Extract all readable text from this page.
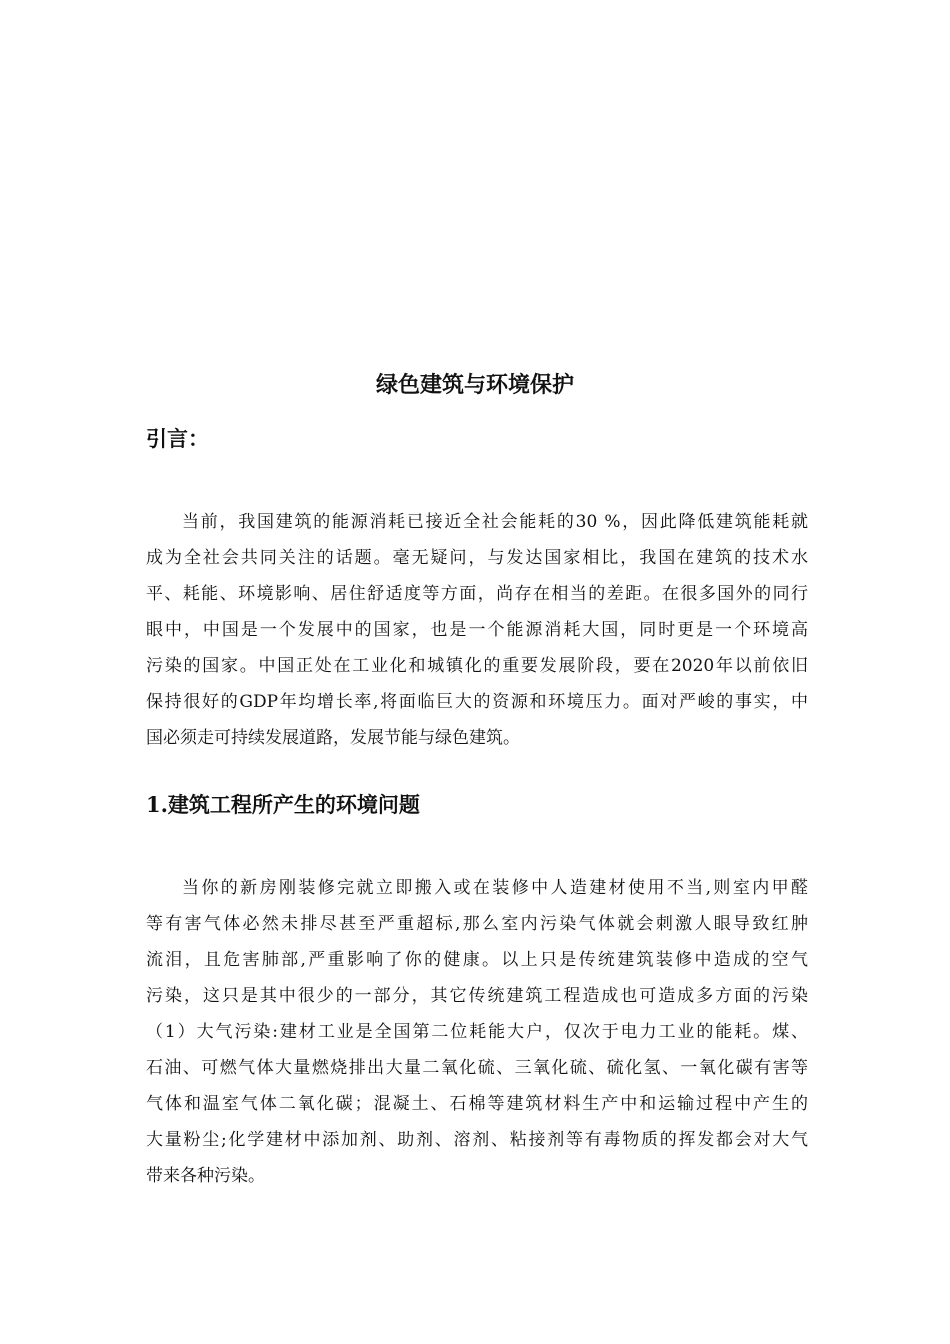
绿色建筑与环境保护
引言：
当前，我国建筑的能源消耗已接近全社会能耗的30 %，因此降低建筑能耗就
成为全社会共同关注的话题。毫无疑问，与发达国家相比，我国在建筑的技术水
平、耗能、环境影响、居住舒适度等方面，尚存在相当的差距。在很多国外的同行
眼中，中国是一个发展中的国家，也是一个能源消耗大国，同时更是一个环境高
污染的国家。中国正处在工业化和城镇化的重要发展阶段，要在2020年以前依旧
保持很好的GDP年均增长率,将面临巨大的资源和环境压力。面对严峻的事实，中
国必须走可持续发展道路，发展节能与绿色建筑。
1.建筑工程所产生的环境问题
当你的新房刚装修完就立即搬入或在装修中人造建材使用不当,则室内甲醛
等有害气体必然未排尽甚至严重超标,那么室内污染气体就会刺激人眼导致红肿
流泪，且危害肺部,严重影响了你的健康。以上只是传统建筑装修中造成的空气
污染，这只是其中很少的一部分，其它传统建筑工程造成也可造成多方面的污染
（1）大气污染:建材工业是全国第二位耗能大户，仅次于电力工业的能耗。煤、
石油、可燃气体大量燃烧排出大量二氧化硫、三氧化硫、硫化氢、一氧化碳有害等
气体和温室气体二氧化碳；混凝土、石棉等建筑材料生产中和运输过程中产生的
大量粉尘;化学建材中添加剂、助剂、溶剂、粘接剂等有毒物质的挥发都会对大气
带来各种污染。
